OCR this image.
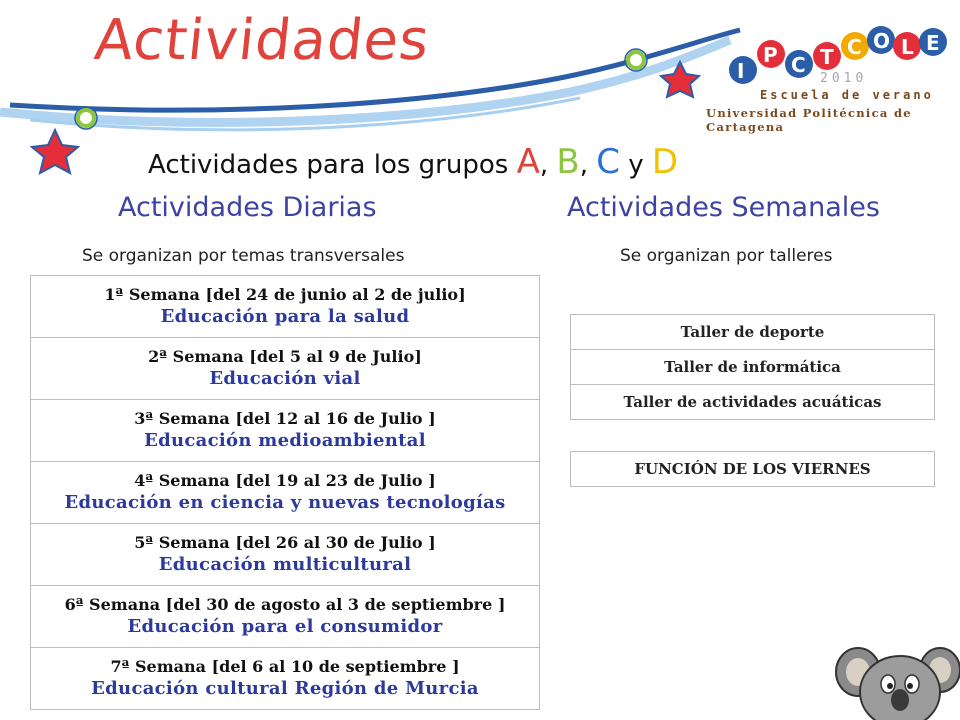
Actividades	I
P C T C O L E
2010
Escuela de verano
Universidad Politécnica de Cartagena
Actividades para los grupos A, B, C y D
Actividades Diarias
Se organizan por temas transversales
Actividades Semanales
Se organizan por talleres
1ª Semana [del 24 de junio al 2 de julio]
Educación para la salud

2ª Semana [del 5 al 9 de Julio]
Educación vial

3ª Semana [del 12 al 16 de Julio ]
Educación medioambiental

4ª Semana [del 19 al 23 de Julio ]
Educación en ciencia y nuevas tecnologías

5ª Semana [del 26 al 30 de Julio ]
Educación multicultural

6ª Semana [del 30 de agosto al 3 de septiembre ]
Educación para el consumidor

7ª Semana [del 6 al 10 de septiembre ]
Educación cultural Región de Murcia
Taller de deporte
Taller de informática
Taller de actividades acuáticas
FUNCIÓN DE LOS VIERNES
